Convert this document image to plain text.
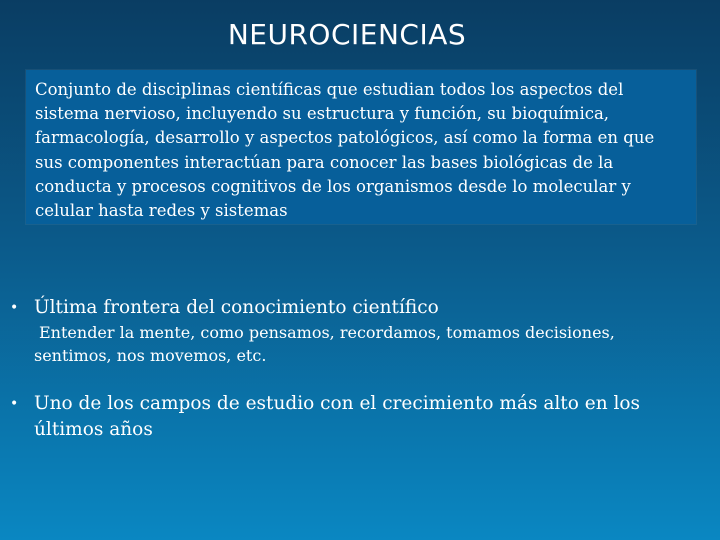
NEUROCIENCIAS
Conjunto de disciplinas científicas que estudian todos los aspectos del sistema nervioso, incluyendo su estructura y función, su bioquímica, farmacología, desarrollo y aspectos patológicos, así como la forma en que sus componentes interactúan para conocer las bases biológicas de la conducta y procesos cognitivos de los organismos desde lo molecular y celular hasta redes y sistemas
• Última frontera del conocimiento científico
Entender la mente, como pensamos, recordamos, tomamos decisiones, sentimos, nos movemos, etc.
• Uno de los campos de estudio con el crecimiento más alto en los últimos años
